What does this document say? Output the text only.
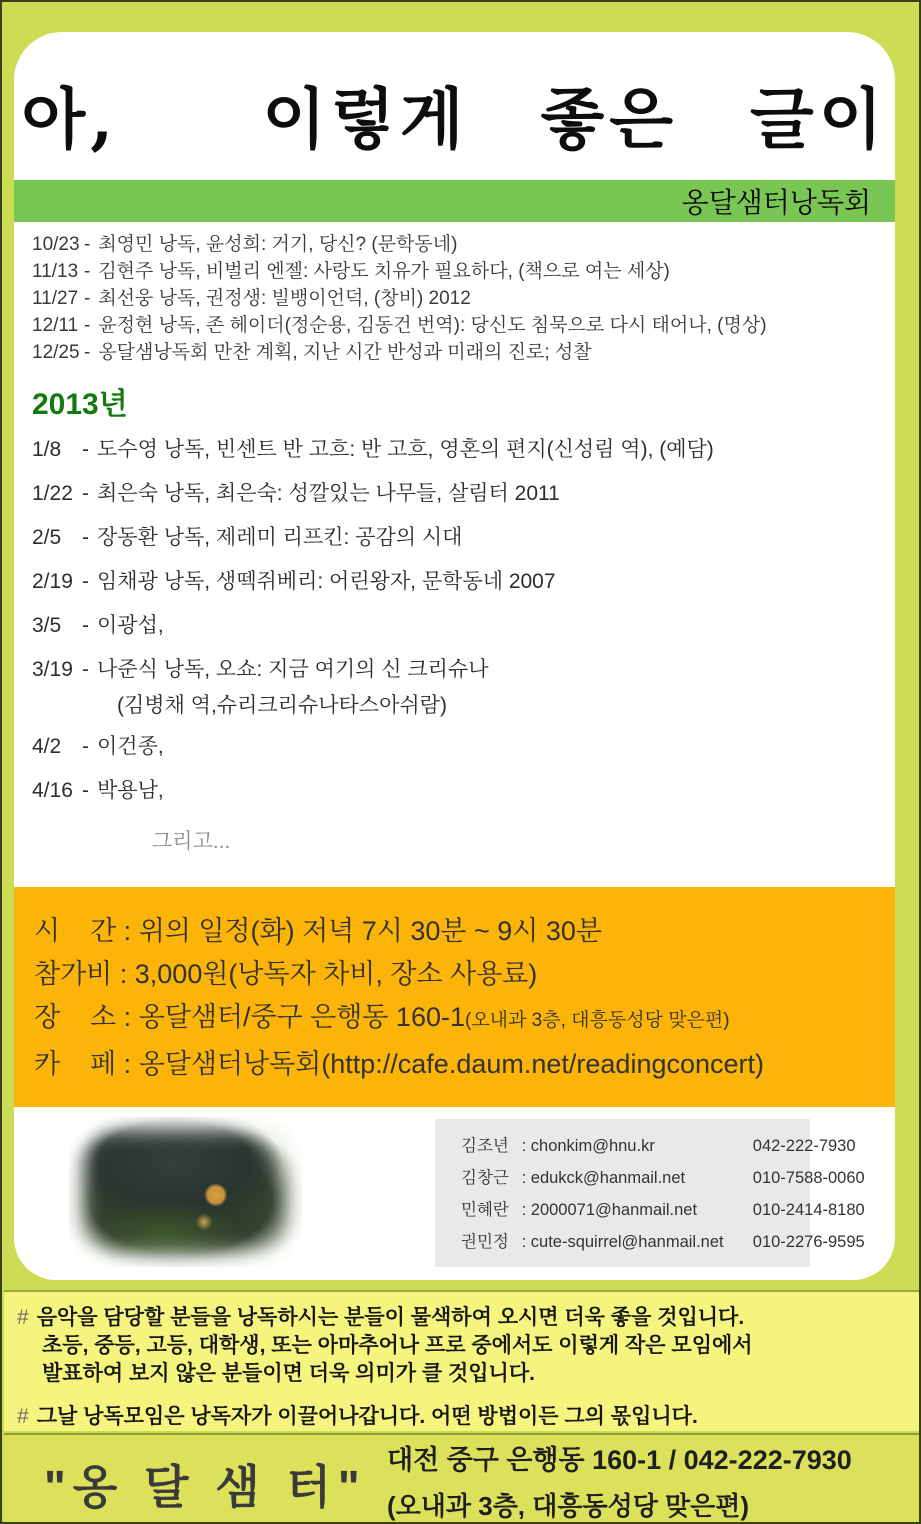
아,  이렇게 좋은 글이
옹달샘터낭독회
10/23 - 최영민 낭독, 윤성희: 거기, 당신? (문학동네)
11/13 - 김현주 낭독, 비벌리 엔젤: 사랑도 치유가 필요하다, (책으로 여는 세상)
11/27 - 최선웅 낭독, 권정생: 빌뱅이언덕, (창비) 2012
12/11 - 윤정현 낭독, 존 헤이더(정순용, 김동건 번역): 당신도 침묵으로 다시 태어나, (명상)
12/25 - 옹달샘낭독회 만찬 계획, 지난 시간 반성과 미래의 진로; 성찰
2013년
1/8 - 도수영 낭독, 빈센트 반 고흐: 반 고흐, 영혼의 편지(신성림 역), (예담)
1/22 - 최은숙 낭독, 최은숙: 성깔있는 나무들, 살림터 2011
2/5 - 장동환 낭독, 제레미 리프킨: 공감의 시대
2/19 - 임채광 낭독, 생떽쥐베리: 어린왕자, 문학동네 2007
3/5 - 이광섭,
3/19 - 나준식 낭독, 오쇼: 지금 여기의 신 크리슈나
(김병채 역,슈리크리슈나타스아쉬람)
4/2 - 이건종,
4/16 - 박용남,
그리고...
시    간 : 위의 일정(화) 저녁 7시 30분 ~ 9시 30분
참가비 : 3,000원(낭독자 차비, 장소 사용료)
장    소 : 옹달샘터/중구 은행동 160-1(오내과 3층, 대흥동성당 맞은편)
카    페 : 옹달샘터낭독회(http://cafe.daum.net/readingconcert)
김조년 : chonkim@hnu.kr	042-222-7930
김창근 : edukck@hanmail.net	010-7588-0060
민혜란 : 2000071@hanmail.net	010-2414-8180
권민정 : cute-squirrel@hanmail.net	010-2276-9595
# 음악을 담당할 분들을 낭독하시는 분들이 물색하여 오시면 더욱 좋을 것입니다.
초등, 중등, 고등, 대학생, 또는 아마추어나 프로 중에서도 이렇게 작은 모임에서
발표하여 보지 않은 분들이면 더욱 의미가 클 것입니다.
# 그날 낭독모임은 낭독자가 이끌어나갑니다. 어떤 방법이든 그의 몫입니다.
"옹 달 샘 터"
대전 중구 은행동 160-1 / 042-222-7930
(오내과 3층, 대흥동성당 맞은편)
